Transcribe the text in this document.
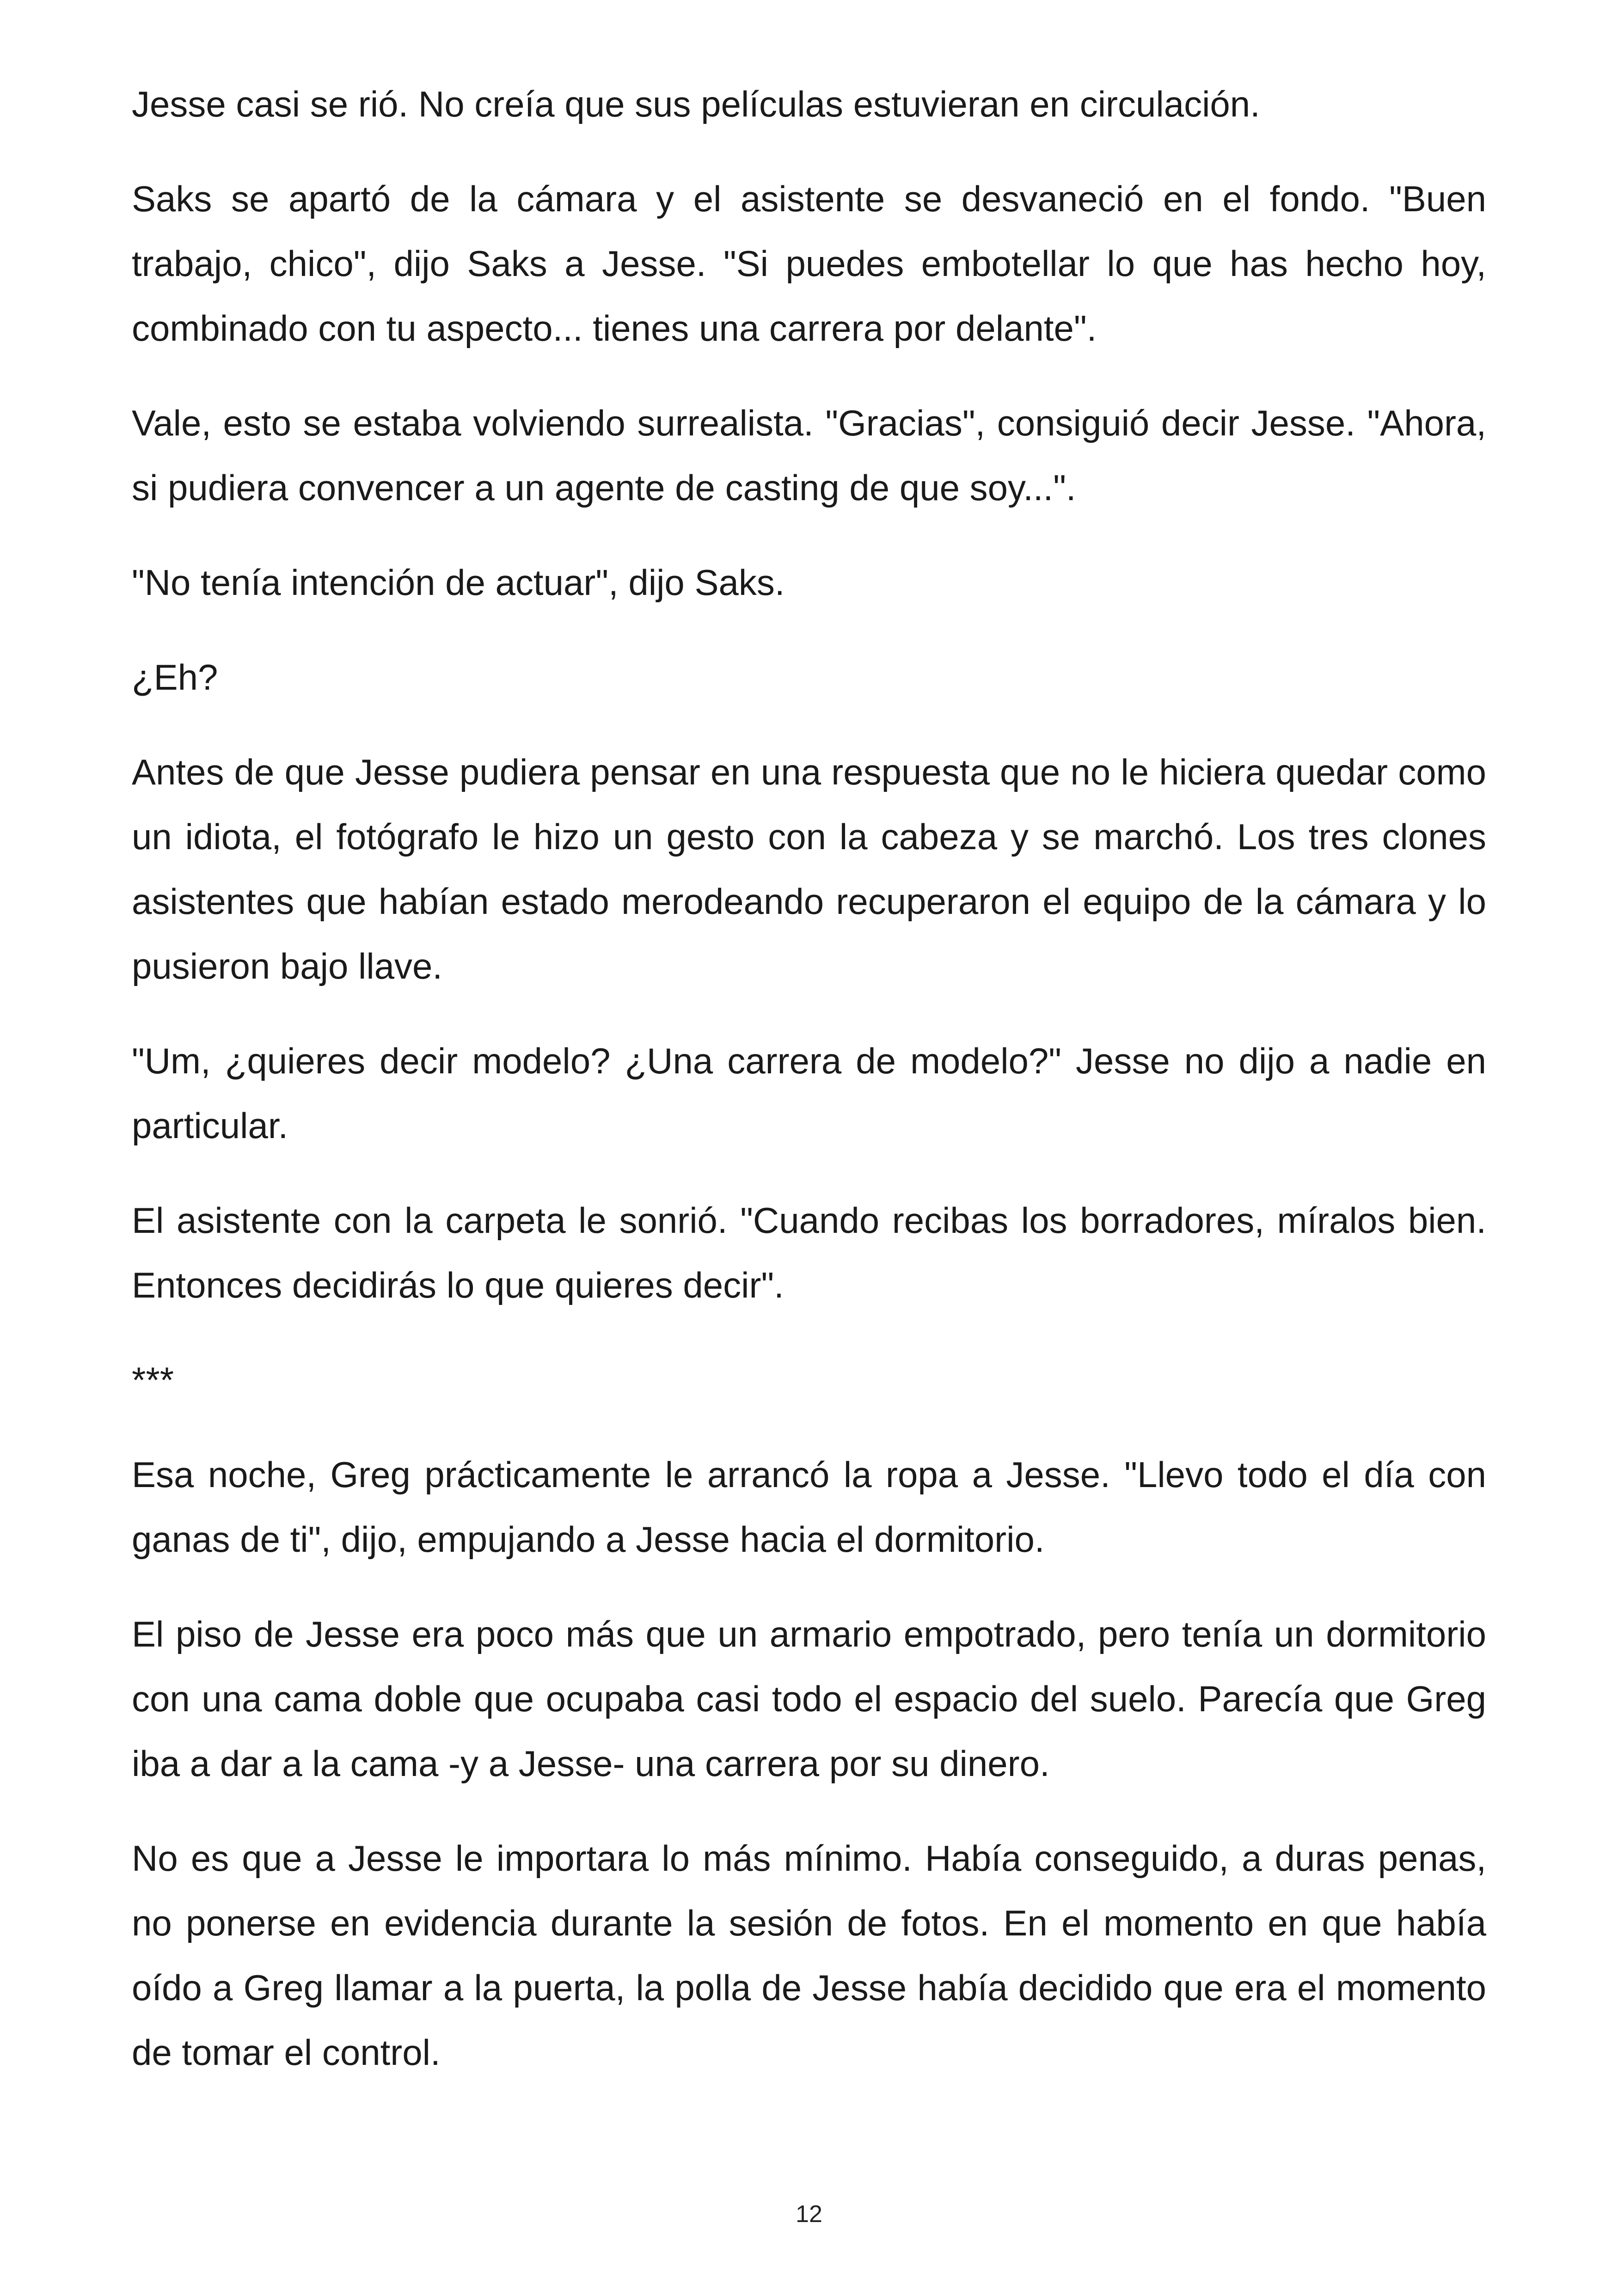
Jesse casi se rió. No creía que sus películas estuvieran en circulación.

Saks se apartó de la cámara y el asistente se desvaneció en el fondo. "Buen trabajo, chico", dijo Saks a Jesse. "Si puedes embotellar lo que has hecho hoy, combinado con tu aspecto... tienes una carrera por delante".

Vale, esto se estaba volviendo surrealista. "Gracias", consiguió decir Jesse. "Ahora, si pudiera convencer a un agente de casting de que soy...".

"No tenía intención de actuar", dijo Saks.

¿Eh?

Antes de que Jesse pudiera pensar en una respuesta que no le hiciera quedar como un idiota, el fotógrafo le hizo un gesto con la cabeza y se marchó. Los tres clones asistentes que habían estado merodeando recuperaron el equipo de la cámara y lo pusieron bajo llave.

"Um, ¿quieres decir modelo? ¿Una carrera de modelo?" Jesse no dijo a nadie en particular.

El asistente con la carpeta le sonrió. "Cuando recibas los borradores, míralos bien. Entonces decidirás lo que quieres decir".

***

Esa noche, Greg prácticamente le arrancó la ropa a Jesse. "Llevo todo el día con ganas de ti", dijo, empujando a Jesse hacia el dormitorio.

El piso de Jesse era poco más que un armario empotrado, pero tenía un dormitorio con una cama doble que ocupaba casi todo el espacio del suelo. Parecía que Greg iba a dar a la cama -y a Jesse- una carrera por su dinero.

No es que a Jesse le importara lo más mínimo. Había conseguido, a duras penas, no ponerse en evidencia durante la sesión de fotos. En el momento en que había oído a Greg llamar a la puerta, la polla de Jesse había decidido que era el momento de tomar el control.

12
